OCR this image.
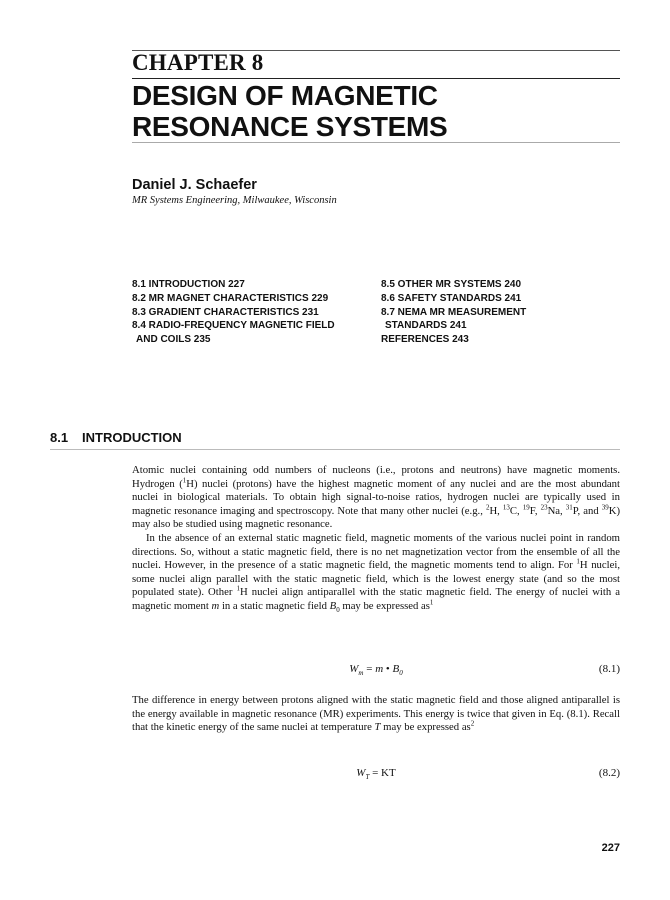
CHAPTER 8
DESIGN OF MAGNETIC
RESONANCE SYSTEMS
Daniel J. Schaefer
MR Systems Engineering, Milwaukee, Wisconsin
8.1 INTRODUCTION 227
8.2 MR MAGNET CHARACTERISTICS 229
8.3 GRADIENT CHARACTERISTICS 231
8.4 RADIO-FREQUENCY MAGNETIC FIELD
AND COILS 235
8.5 OTHER MR SYSTEMS 240
8.6 SAFETY STANDARDS 241
8.7 NEMA MR MEASUREMENT
STANDARDS 241
REFERENCES 243
8.1 INTRODUCTION

Atomic nuclei containing odd numbers of nucleons (i.e., protons and neutrons) have magnetic moments. Hydrogen ($^1$H) nuclei (protons) have the highest magnetic moment of any nuclei and are the most abundant nuclei in biological materials. To obtain high signal-to-noise ratios, hydrogen nuclei are typically used in magnetic resonance imaging and spectroscopy. Note that many other nuclei (e.g., $^2$H, $^{13}$C, $^{19}$F, $^{23}$Na, $^{31}$P, and $^{39}$K) may also be studied using magnetic resonance.

In the absence of an external static magnetic field, magnetic moments of the various nuclei point in random directions. So, without a static magnetic field, there is no net magnetization vector from the ensemble of all the nuclei. However, in the presence of a static magnetic field, the magnetic moments tend to align. For $^1$H nuclei, some nuclei align parallel with the static magnetic field, which is the lowest energy state (and so the most populated state). Other $^1$H nuclei align antiparallel with the static magnetic field. The energy of nuclei with a magnetic moment m in a static magnetic field $B_0$ may be expressed $as^1$

$W_m = m$ • $B_0$	(8.1)

The difference in energy between protons aligned with the static magnetic field and those aligned antiparallel is the energy available in magnetic resonance (MR) experiments. This energy is twice that given in Eq. (8.1). Recall that the kinetic energy of the same nuclei at temperature T may be expressed $as^2$

$W_T$ = KT	(8.2)
227
